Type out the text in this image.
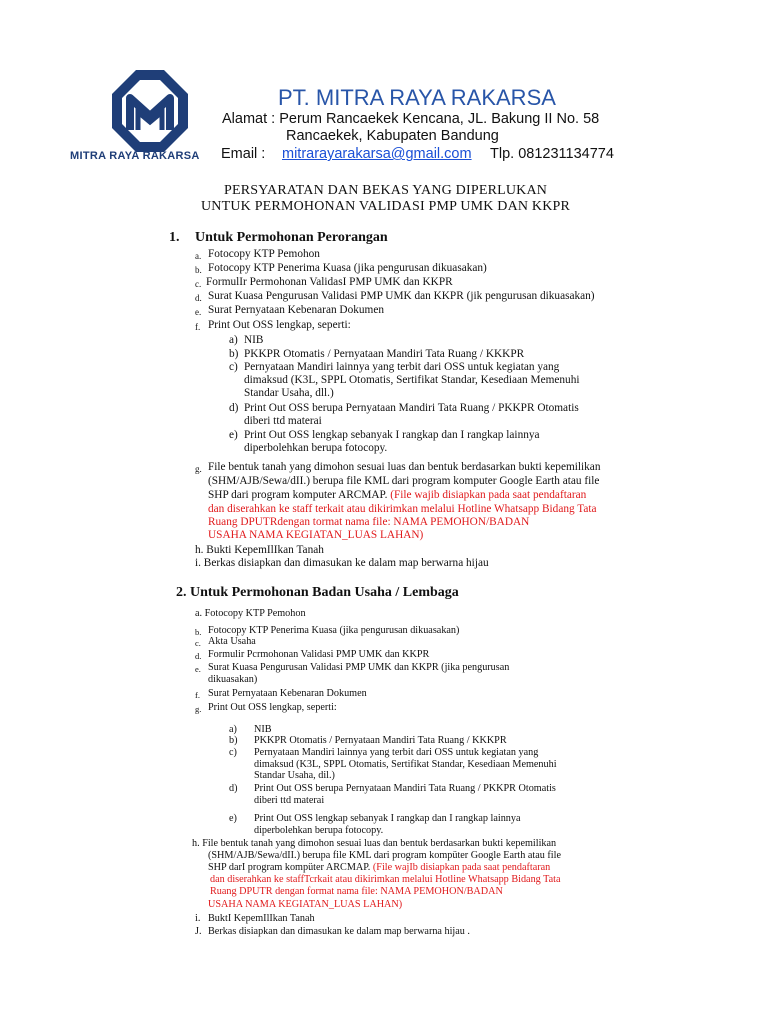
MITRA RAYA RAKARSA
PT. MITRA RAYA RAKARSA
Alamat : Perum Rancaekek Kencana, JL. Bakung II No. 58
Rancaekek, Kabupaten Bandung
Email : mitrarayarakarsa@gmail.com Tlp. 081231134774
PERSYARATAN DAN BEKAS YANG DIPERLUKAN
UNTUK PERMOHONAN VALIDASI PMP UMK DAN KKPR
1. Untuk Permohonan Perorangan
a. Fotocopy KTP Pemohon
b. Fotocopy KTP Penerima Kuasa (jika pengurusan dikuasakan)
c. FormulIr Permohonan ValidasI PMP UMK dan KKPR
d. Surat Kuasa Pengurusan Validasi PMP UMK dan KKPR (jik pengurusan dikuasakan)
e. Surat Pernyataan Kebenaran Dokumen
f. Print Out OSS lengkap, seperti:
a) NIB
b) PKKPR Otomatis / Pernyataan Mandiri Tata Ruang / KKKPR
c) Pernyataan Mandiri lainnya yang terbit dari OSS untuk kegiatan yang
dimaksud (K3L, SPPL Otomatis, Sertifikat Standar, Kesediaan Memenuhi
Standar Usaha, dll.)
d) Print Out OSS berupa Pernyataan Mandiri Tata Ruang / PKKPR Otomatis
diberi ttd materai
e) Print Out OSS lengkap sebanyak I rangkap dan I rangkap lainnya
diperbolehkan berupa fotocopy.
g. File bentuk tanah yang dimohon sesuai luas dan bentuk berdasarkan bukti kepemilikan
(SHM/AJB/Sewa/dII.) berupa file KML dari program komputer Google Earth atau file
SHP dari program komputer ARCMAP. (File wajib disiapkan pada saat pendaftaran
dan diserahkan ke staff terkait atau dikirimkan melalui Hotline Whatsapp Bidang Tata
Ruang DPUTRdengan tormat nama file: NAMA PEMOHON/BADAN
USAHA NAMA KEGIATAN_LUAS LAHAN)
h. Bukti KepemIlIkan Tanah
i. Berkas disiapkan dan dimasukan ke dalam map berwarna hijau
2. Untuk Permohonan Badan Usaha / Lembaga
a. Fotocopy KTP Pemohon
b. Fotocopy KTP Penerima Kuasa (jika pengurusan dikuasakan)
c. Akta Usaha
d. Formulir Pcrmohonan Validasi PMP UMK dan KKPR
e. Surat Kuasa Pengurusan Validasi PMP UMK dan KKPR (jika pengurusan
dikuasakan)
f. Surat Pernyataan Kebenaran Dokumen
g. Print Out OSS lengkap, seperti:
a) NIB
b) PKKPR Otomatis / Pernyataan Mandiri Tata Ruang / KKKPR
c) Pernyataan Mandiri lainnya yang terbit dari OSS untuk kegiatan yang
dimaksud (K3L, SPPL Otomatis, Sertifikat Standar, Kesediaan Memenuhi
Standar Usaha, dil.)
d) Print Out OSS berupa Pernyataan Mandiri Tata Ruang / PKKPR Otomatis
diberi ttd materai
e) Print Out OSS lengkap sebanyak I rangkap dan I rangkap lainnya
diperbolehkan berupa fotocopy.
h. File bentuk tanah yang dimohon sesuai luas dan bentuk berdasarkan bukti kepemilikan
(SHM/AJB/Sewa/dII.) berupa file KML dari program kompüter Google Earth atau file
SHP darI program kompüter ARCMAP. (File wajIb disiapkan pada saat pendaftaran
dan diserahkan ke staffTcrkait atau dikirimkan melalui Hotline Whatsapp Bidang Tata
Ruang DPUTR dengan format nama file: NAMA PEMOHON/BADAN
USAHA NAMA KEGIATAN_LUAS LAHAN)
i. BuktI KepemIlIkan Tanah
J. Berkas disiapkan dan dimasukan ke dalam map berwarna hijau .
